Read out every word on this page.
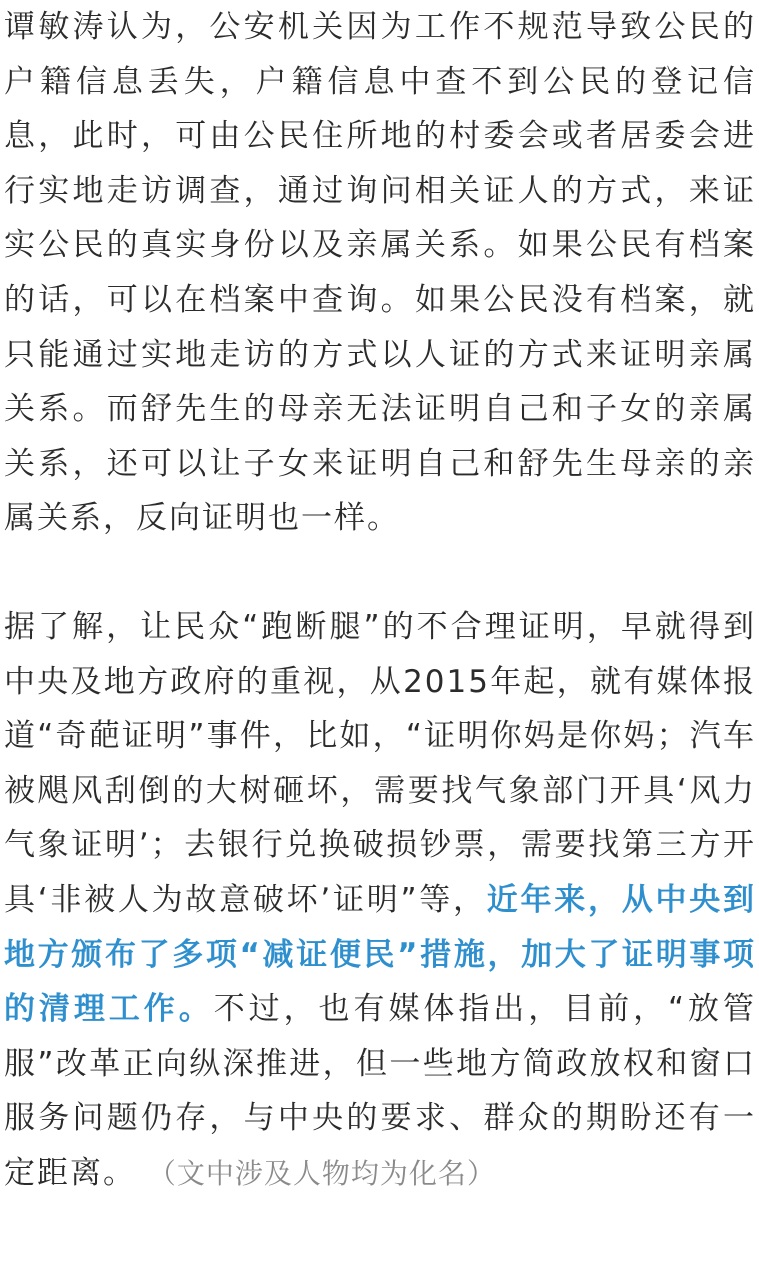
谭敏涛认为，公安机关因为工作不规范导致公民的户籍信息丢失，户籍信息中查不到公民的登记信息，此时，可由公民住所地的村委会或者居委会进行实地走访调查，通过询问相关证人的方式，来证实公民的真实身份以及亲属关系。如果公民有档案的话，可以在档案中查询。如果公民没有档案，就只能通过实地走访的方式以人证的方式来证明亲属关系。而舒先生的母亲无法证明自己和子女的亲属关系，还可以让子女来证明自己和舒先生母亲的亲属关系，反向证明也一样。

据了解，让民众“跑断腿”的不合理证明，早就得到中央及地方政府的重视，从2015年起，就有媒体报道“奇葩证明”事件，比如，“证明你妈是你妈；汽车被飓风刮倒的大树砸坏，需要找气象部门开具‘风力气象证明’；去银行兑换破损钞票，需要找第三方开具‘非被人为故意破坏’证明”等，近年来，从中央到地方颁布了多项“减证便民”措施，加大了证明事项的清理工作。不过，也有媒体指出，目前，“放管服”改革正向纵深推进，但一些地方简政放权和窗口服务问题仍存，与中央的要求、群众的期盼还有一定距离。 （文中涉及人物均为化名）
